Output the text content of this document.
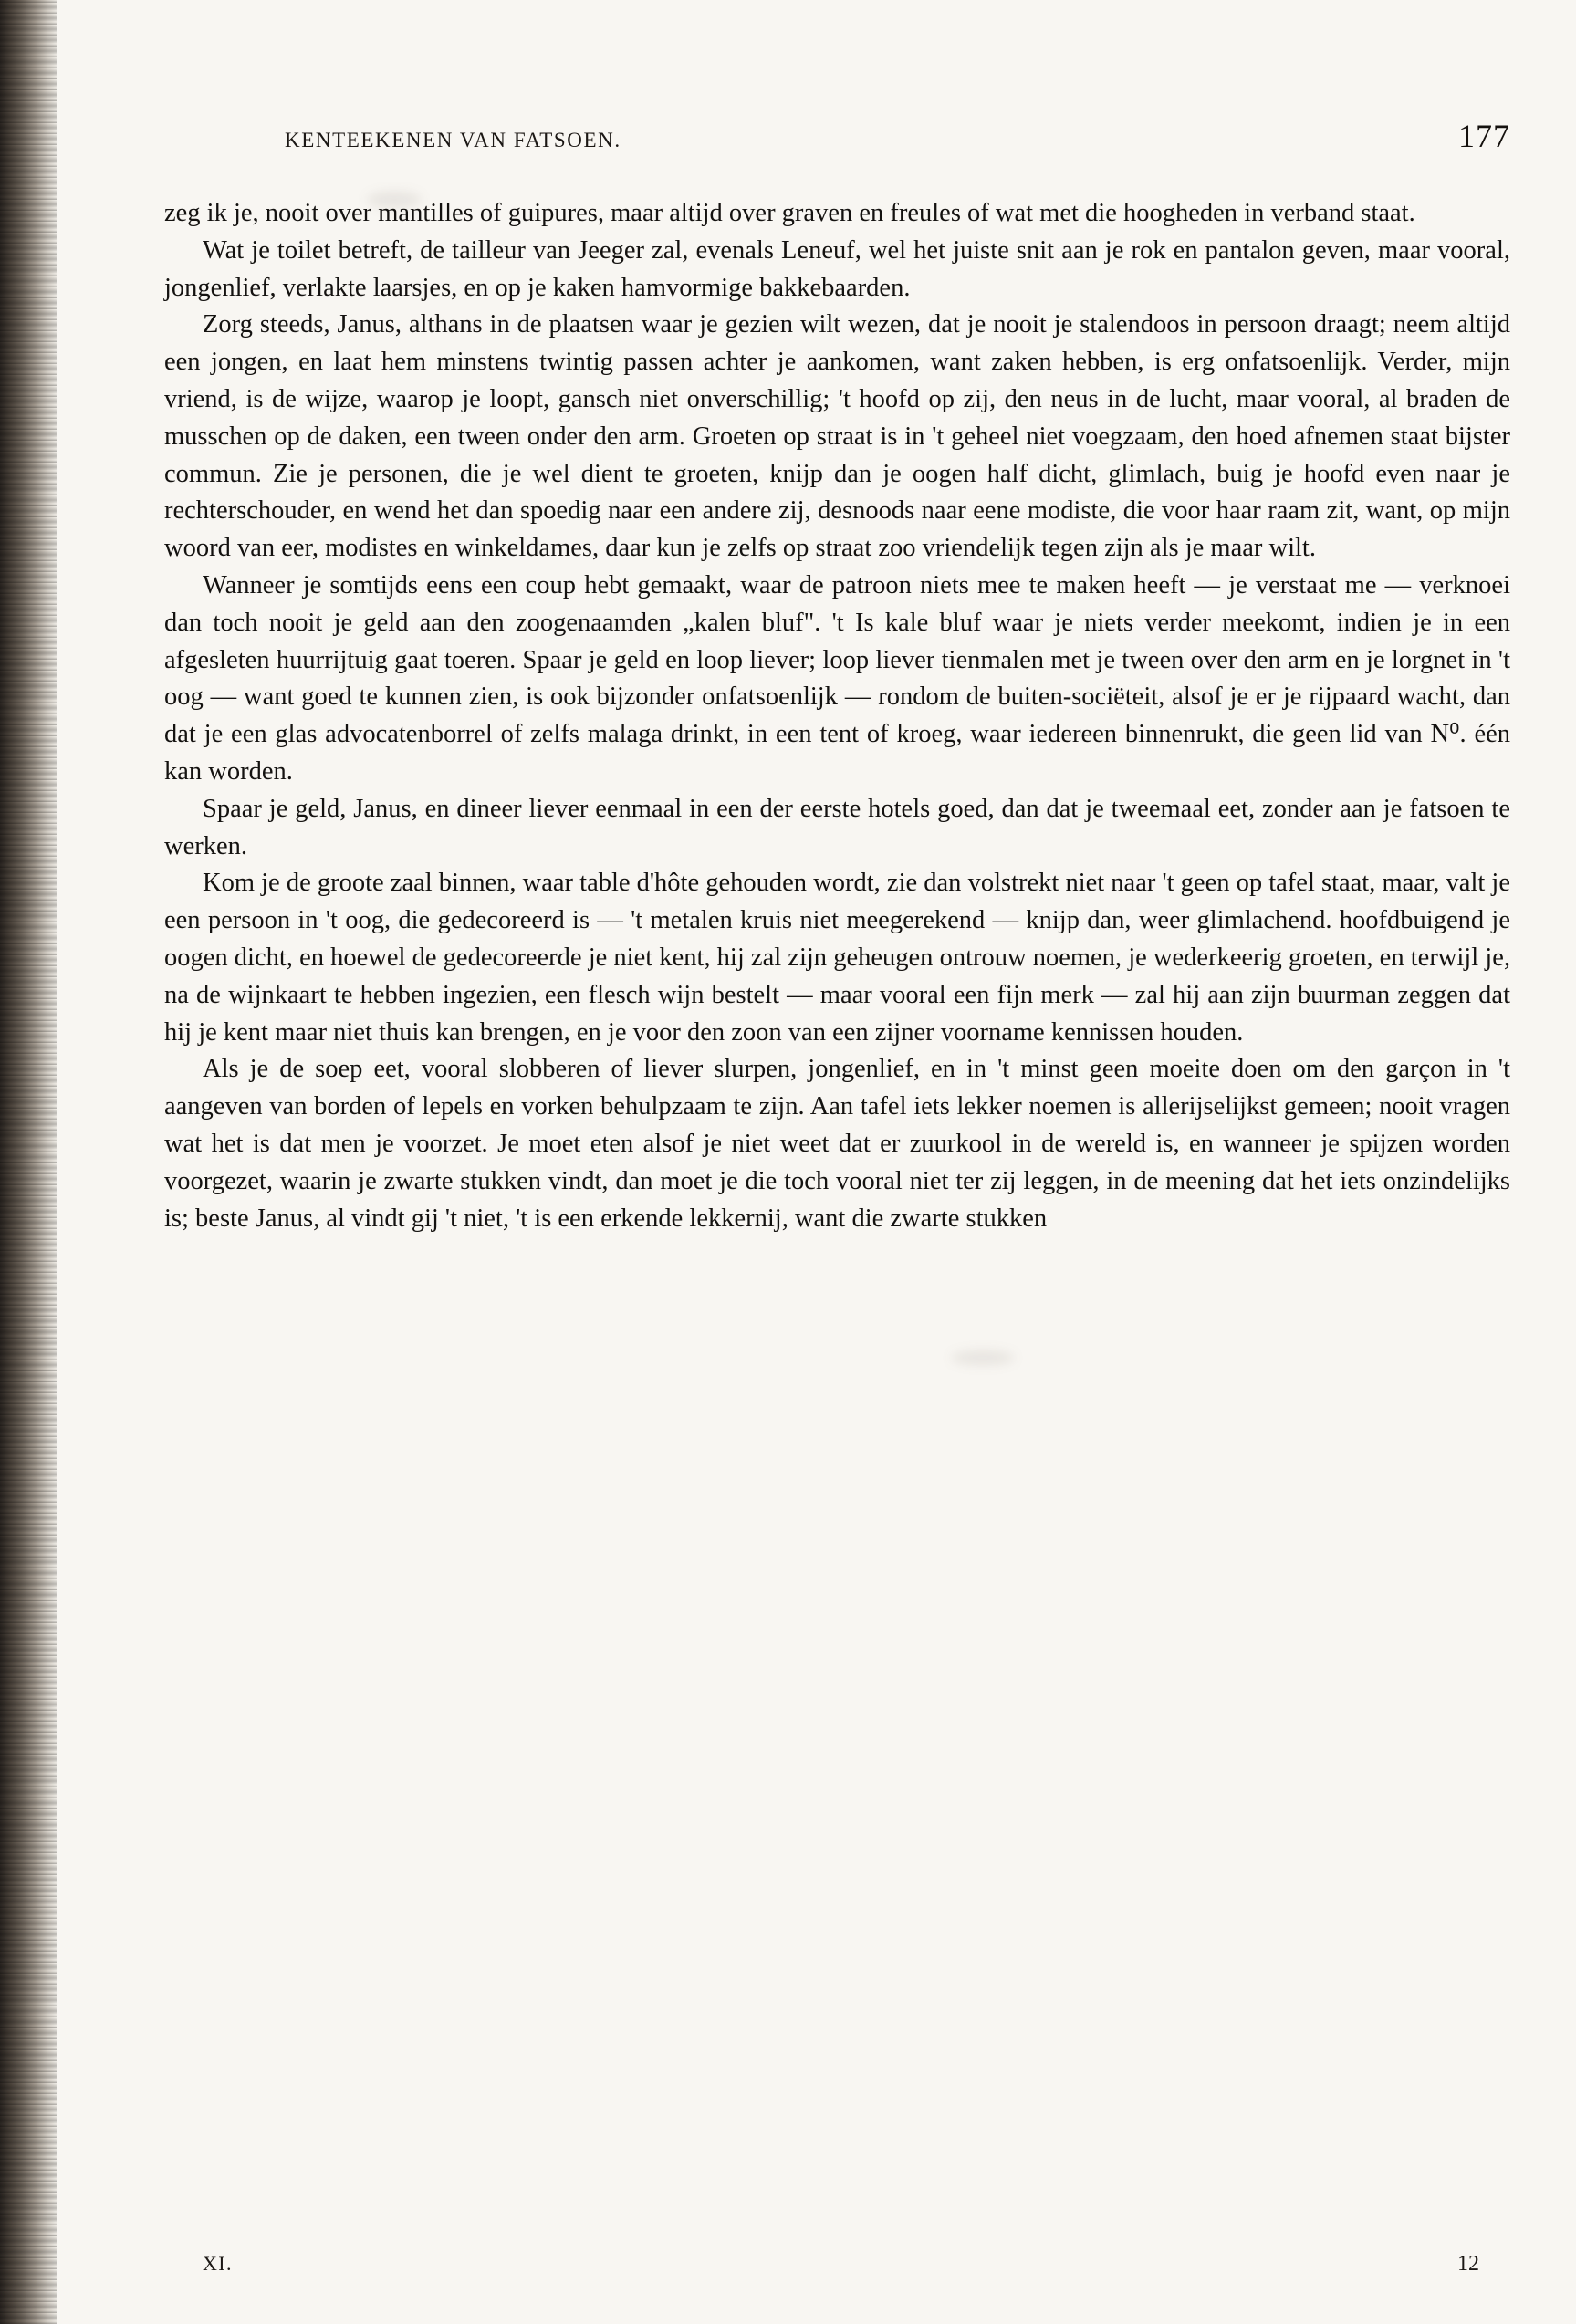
KENTEEKENEN VAN FATSOEN.	177

zeg ik je, nooit over mantilles of guipures, maar altijd over graven en freules of wat met die hoogheden in verband staat.

Wat je toilet betreft, de tailleur van Jeeger zal, evenals Leneuf, wel het juiste snit aan je rok en pantalon geven, maar vooral, jongenlief, verlakte laarsjes, en op je kaken hamvormige bakkebaarden.

Zorg steeds, Janus, althans in de plaatsen waar je gezien wilt wezen, dat je nooit je stalendoos in persoon draagt; neem altijd een jongen, en laat hem minstens twintig passen achter je aankomen, want zaken hebben, is erg onfatsoenlijk. Verder, mijn vriend, is de wijze, waarop je loopt, gansch niet onverschillig; 't hoofd op zij, den neus in de lucht, maar vooral, al braden de musschen op de daken, een tween onder den arm. Groeten op straat is in 't geheel niet voegzaam, den hoed afnemen staat bijster commun. Zie je personen, die je wel dient te groeten, knijp dan je oogen half dicht, glimlach, buig je hoofd even naar je rechterschouder, en wend het dan spoedig naar een andere zij, desnoods naar eene modiste, die voor haar raam zit, want, op mijn woord van eer, modistes en winkeldames, daar kun je zelfs op straat zoo vriendelijk tegen zijn als je maar wilt.

Wanneer je somtijds eens een coup hebt gemaakt, waar de patroon niets mee te maken heeft — je verstaat me — verknoei dan toch nooit je geld aan den zoogenaamden „kalen bluf". 't Is kale bluf waar je niets verder meekomt, indien je in een afgesleten huurrijtuig gaat toeren. Spaar je geld en loop liever; loop liever tienmalen met je tween over den arm en je lorgnet in 't oog — want goed te kunnen zien, is ook bijzonder onfatsoenlijk — rondom de buiten-sociëteit, alsof je er je rijpaard wacht, dan dat je een glas advocatenborrel of zelfs malaga drinkt, in een tent of kroeg, waar iedereen binnenrukt, die geen lid van N⁰. één kan worden.

Spaar je geld, Janus, en dineer liever eenmaal in een der eerste hotels goed, dan dat je tweemaal eet, zonder aan je fatsoen te werken.

Kom je de groote zaal binnen, waar table d'hôte gehouden wordt, zie dan volstrekt niet naar 't geen op tafel staat, maar, valt je een persoon in 't oog, die gedecoreerd is — 't metalen kruis niet meegerekend — knijp dan, weer glimlachend. hoofdbuigend je oogen dicht, en hoewel de gedecoreerde je niet kent, hij zal zijn geheugen ontrouw noemen, je wederkeerig groeten, en terwijl je, na de wijnkaart te hebben ingezien, een flesch wijn bestelt — maar vooral een fijn merk — zal hij aan zijn buurman zeggen dat hij je kent maar niet thuis kan brengen, en je voor den zoon van een zijner voorname kennissen houden.

Als je de soep eet, vooral slobberen of liever slurpen, jongenlief, en in 't minst geen moeite doen om den garçon in 't aangeven van borden of lepels en vorken behulpzaam te zijn. Aan tafel iets lekker noemen is allerijselijkst gemeen; nooit vragen wat het is dat men je voorzet. Je moet eten alsof je niet weet dat er zuurkool in de wereld is, en wanneer je spijzen worden voorgezet, waarin je zwarte stukken vindt, dan moet je die toch vooral niet ter zij leggen, in de meening dat het iets onzindelijks is; beste Janus, al vindt gij 't niet, 't is een erkende lekkernij, want die zwarte stukken

XI.	12
